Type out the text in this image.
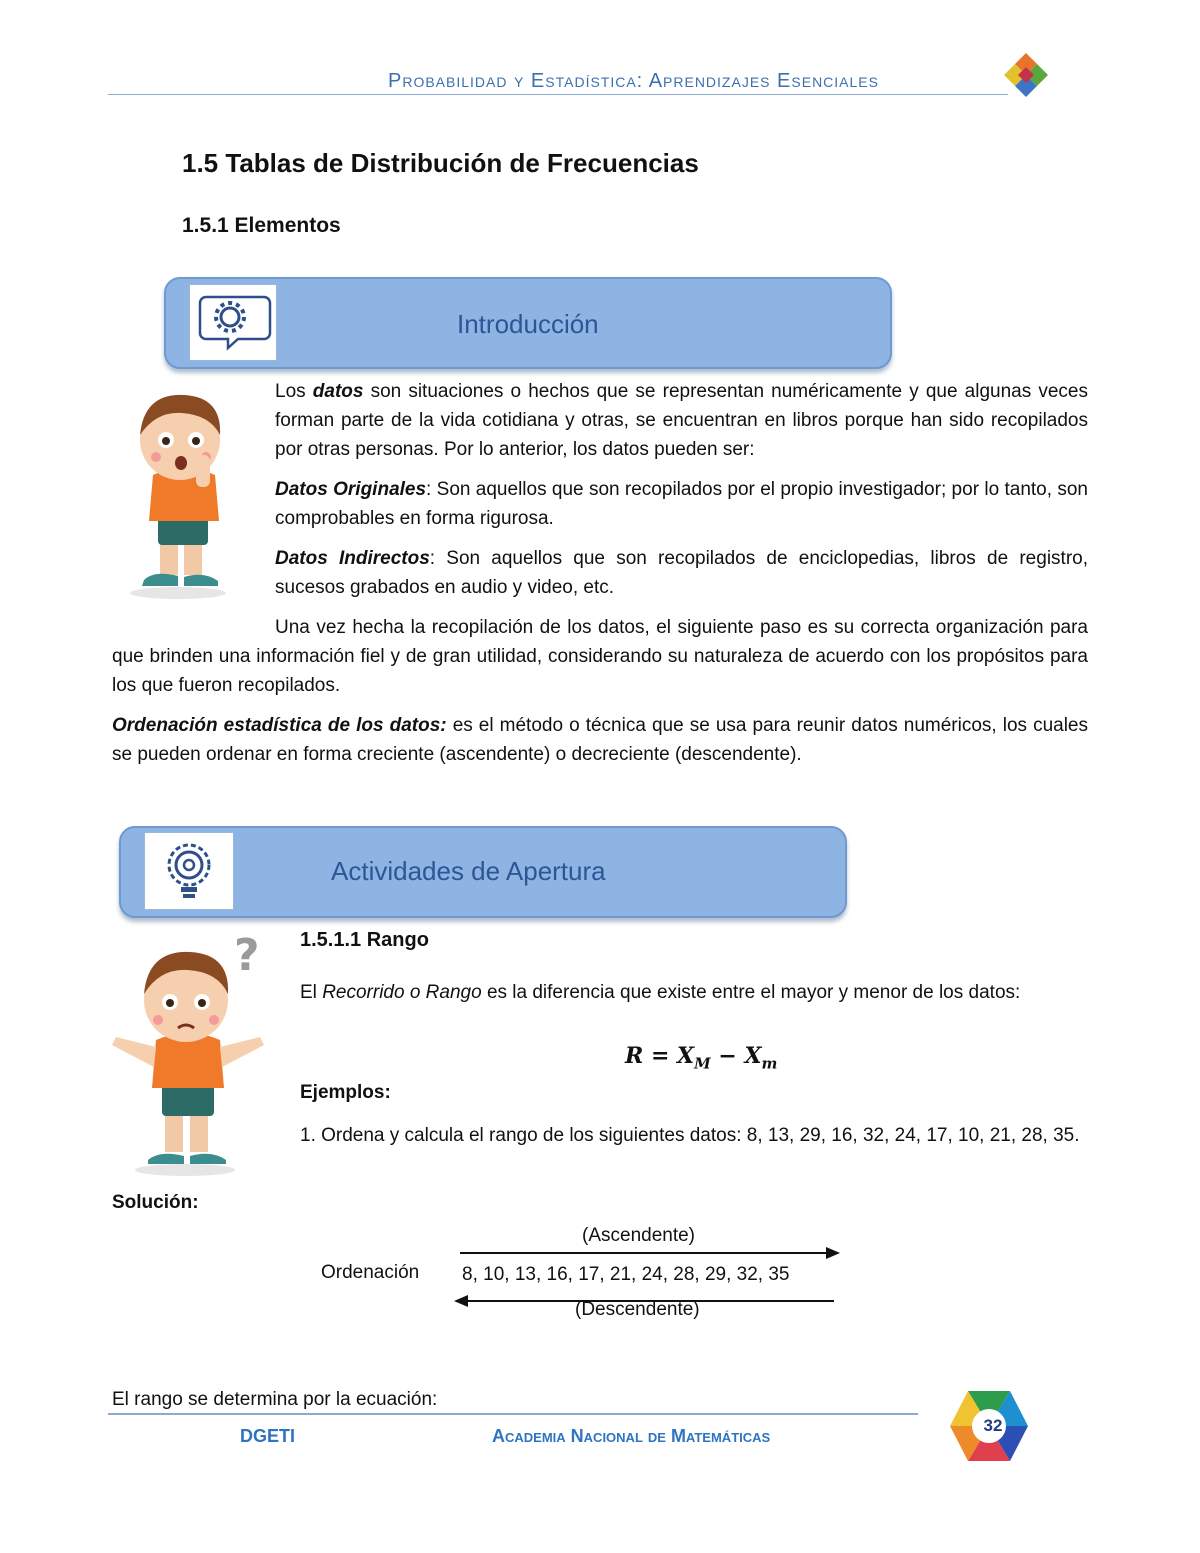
Probabilidad y Estadística: Aprendizajes Esenciales
1.5 Tablas de Distribución de Frecuencias
1.5.1 Elementos
Introducción

Los datos son situaciones o hechos que se representan numéricamente y que algunas veces forman parte de la vida cotidiana y otras, se encuentran en libros porque han sido recopilados por otras personas. Por lo anterior, los datos pueden ser:

Datos Originales: Son aquellos que son recopilados por el propio investigador; por lo tanto, son comprobables en forma rigurosa.

Datos Indirectos: Son aquellos que son recopilados de enciclopedias, libros de registro, sucesos grabados en audio y video, etc.

Una vez hecha la recopilación de los datos, el siguiente paso es su correcta organización para que brinden una información fiel y de gran utilidad, considerando su naturaleza de acuerdo con los propósitos para los que fueron recopilados.

Ordenación estadística de los datos: es el método o técnica que se usa para reunir datos numéricos, los cuales se pueden ordenar en forma creciente (ascendente) o decreciente (descendente).

Actividades de Apertura
? 1.5.1.1 Rango

El Recorrido o Rango es la diferencia que existe entre el mayor y menor de los datos:

$R = X_M - X_m$
Ejemplos:

1. Ordena y calcula el rango de los siguientes datos: 8, 13, 29, 16, 32, 24, 17, 10, 21, 28, 35.

Solución:
(Ascendente)
Ordenación 8, 10, 13, 16, 17, 21, 24, 28, 29, 32, 35
(Descendente)
El rango se determina por la ecuación:
DGETI	Academia Nacional de Matemáticas
32
